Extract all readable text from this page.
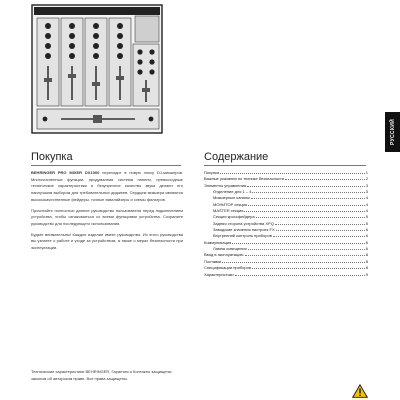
РУССКИЙ
Покупка

BEHRINGER PRO MIXER DX1000 переходит в новую эпоху DJ-микшеров. Многочисленные функции, продуманная система панели, превосходные технические характеристики и безупречное качество звука делают его наилучшим выбором для требовательных диджеев. Сердцем микшера являются высококачественные фейдеры, точные эквалайзеры и схемы фильтров.

Прочитайте полностью данное руководство пользователя перед подключением устройства, чтобы ознакомиться со всеми функциями устройства. Сохраните руководство для последующего использования.

Будьте внимательны! Каждое изделие имеет руководство. Из этого руководства вы узнаете о работе и уходе за устройством, а также о мерах безопасности при эксплуатации.

Технические характеристики BEHRINGER, Гарантия и Контакты защищены законом об авторском праве. Все права защищены.
Содержание
Покупка	1
Важные указания по технике безопасности	2
Элементы управления	3
Отделение для 1 – 4	3
Микшерные каналы	4
МОНИТОР секция	4
MASTER секция	4
Секция кроссфейдера	5
Задняя сторона устройства XPQ	5
Заводские значения настроек FX	6
Внутренний контроль приборов	6
Коммуникация	6
Лампа освещения	6
Ввод в эксплуатацию	8
Поставки	8
Спецификации приборов	8
Характеристики	9
